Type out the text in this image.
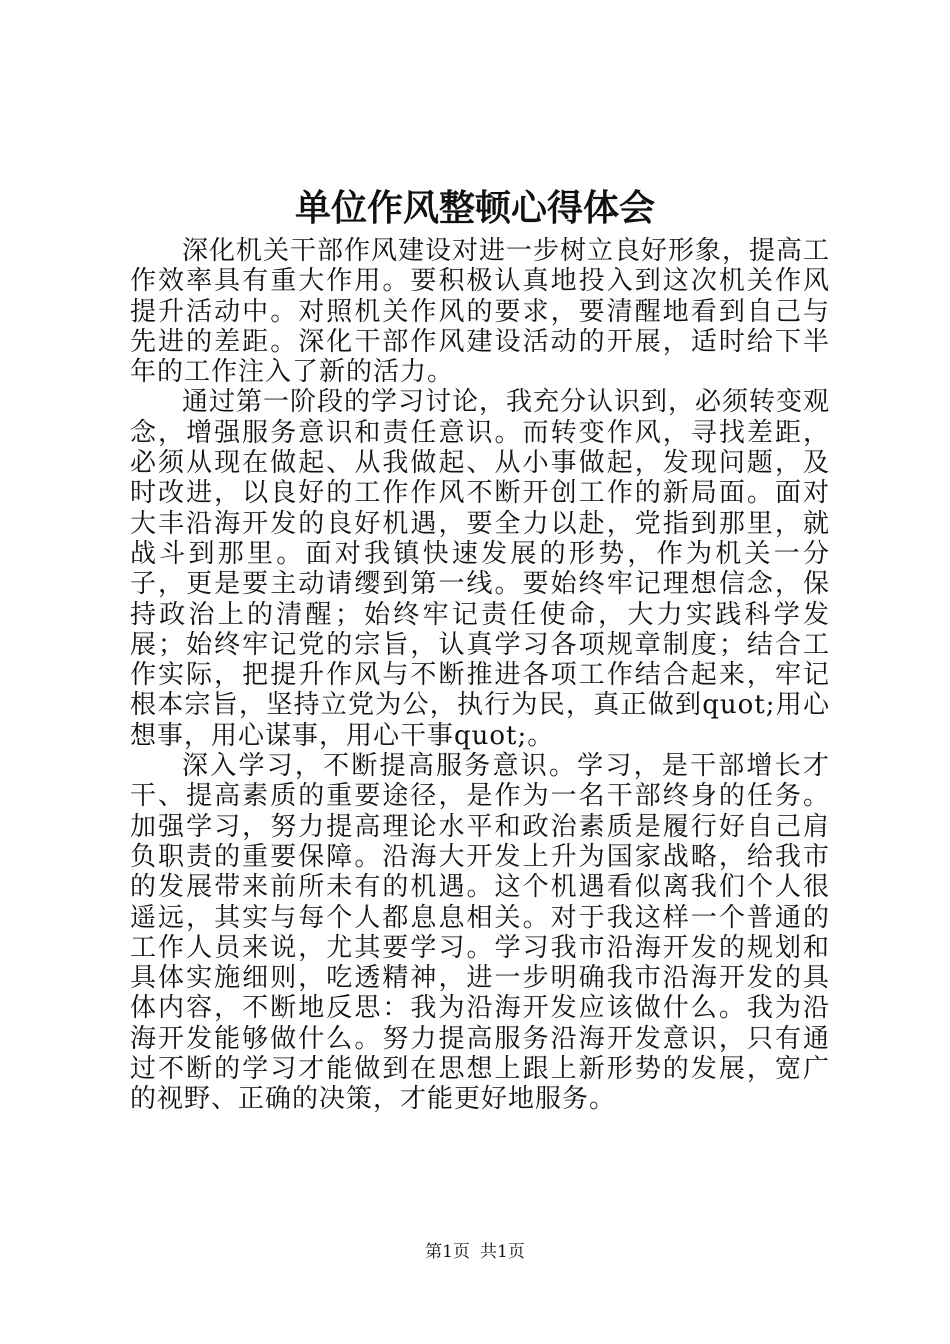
单位作风整顿心得体会

深化机关干部作风建设对进一步树立良好形象，提高工作效率具有重大作用。要积极认真地投入到这次机关作风提升活动中。对照机关作风的要求，要清醒地看到自己与先进的差距。深化干部作风建设活动的开展，适时给下半年的工作注入了新的活力。

通过第一阶段的学习讨论，我充分认识到，必须转变观念，增强服务意识和责任意识。而转变作风，寻找差距，必须从现在做起、从我做起、从小事做起，发现问题，及时改进，以良好的工作作风不断开创工作的新局面。面对大丰沿海开发的良好机遇，要全力以赴，党指到那里，就战斗到那里。面对我镇快速发展的形势，作为机关一分子，更是要主动请缨到第一线。要始终牢记理想信念，保持政治上的清醒；始终牢记责任使命，大力实践科学发展；始终牢记党的宗旨，认真学习各项规章制度；结合工作实际，把提升作风与不断推进各项工作结合起来，牢记根本宗旨，坚持立党为公，执行为民，真正做到quot;用心想事，用心谋事，用心干事quot;。

深入学习，不断提高服务意识。学习，是干部增长才干、提高素质的重要途径，是作为一名干部终身的任务。加强学习，努力提高理论水平和政治素质是履行好自己肩负职责的重要保障。沿海大开发上升为国家战略，给我市的发展带来前所未有的机遇。这个机遇看似离我们个人很遥远，其实与每个人都息息相关。对于我这样一个普通的工作人员来说，尤其要学习。学习我市沿海开发的规划和具体实施细则，吃透精神，进一步明确我市沿海开发的具体内容，不断地反思：我为沿海开发应该做什么。我为沿海开发能够做什么。努力提高服务沿海开发意识，只有通过不断的学习才能做到在思想上跟上新形势的发展，宽广的视野、正确的决策，才能更好地服务。

第1页 共1页
